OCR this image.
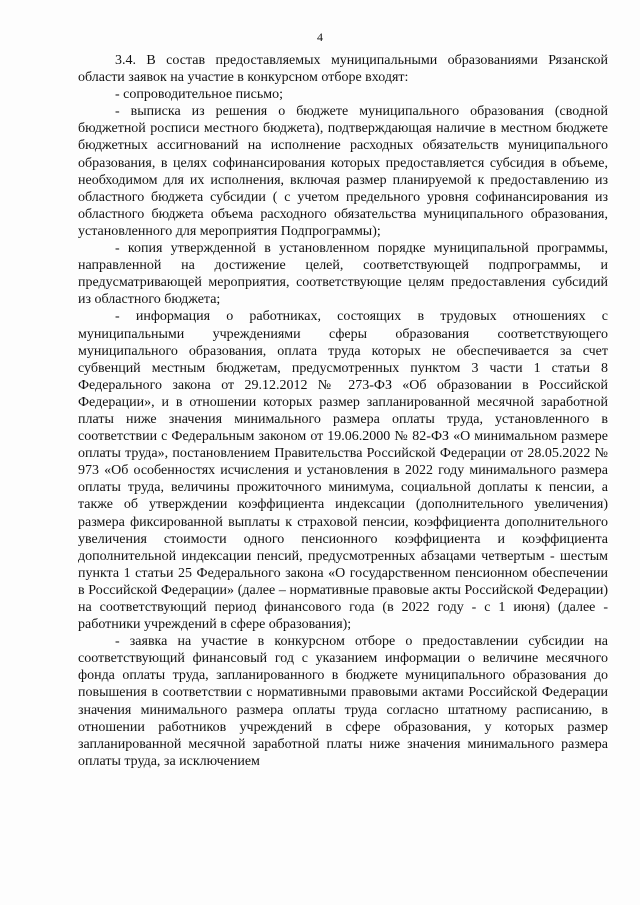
4

3.4. В состав предоставляемых муниципальными образованиями Рязанской области заявок на участие в конкурсном отборе входят:

- сопроводительное письмо;

- выписка из решения о бюджете муниципального образования (сводной бюджетной росписи местного бюджета), подтверждающая наличие в местном бюджете бюджетных ассигнований на исполнение расходных обязательств муниципального образования, в целях софинансирования которых предоставляется субсидия в объеме, необходимом для их исполнения, включая размер планируемой к предоставлению из областного бюджета субсидии ( с учетом предельного уровня софинансирования из областного бюджета объема расходного обязательства муниципального образования, установленного для мероприятия Подпрограммы);

- копия утвержденной в установленном порядке муниципальной программы, направленной на достижение целей, соответствующей подпрограммы, и предусматривающей мероприятия, соответствующие целям предоставления субсидий из областного бюджета;

- информация о работниках, состоящих в трудовых отношениях с муниципальными учреждениями сферы образования соответствующего муниципального образования, оплата труда которых не обеспечивается за счет субвенций местным бюджетам, предусмотренных пунктом 3 части 1 статьи 8 Федерального закона от 29.12.2012 № 273-ФЗ «Об образовании в Российской Федерации», и в отношении которых размер запланированной месячной заработной платы ниже значения минимального размера оплаты труда, установленного в соответствии с Федеральным законом от 19.06.2000 № 82-ФЗ «О минимальном размере оплаты труда», постановлением Правительства Российской Федерации от 28.05.2022 № 973 «Об особенностях исчисления и установления в 2022 году минимального размера оплаты труда, величины прожиточного минимума, социальной доплаты к пенсии, а также об утверждении коэффициента индексации (дополнительного увеличения) размера фиксированной выплаты к страховой пенсии, коэффициента дополнительного увеличения стоимости одного пенсионного коэффициента и коэффициента дополнительной индексации пенсий, предусмотренных абзацами четвертым - шестым пункта 1 статьи 25 Федерального закона «О государственном пенсионном обеспечении в Российской Федерации» (далее – нормативные правовые акты Российской Федерации) на соответствующий период финансового года (в 2022 году - с 1 июня) (далее - работники учреждений в сфере образования);

- заявка на участие в конкурсном отборе о предоставлении субсидии на соответствующий финансовый год с указанием информации о величине месячного фонда оплаты труда, запланированного в бюджете муниципального образования до повышения в соответствии с нормативными правовыми актами Российской Федерации значения минимального размера оплаты труда согласно штатному расписанию, в отношении работников учреждений в сфере образования, у которых размер запланированной месячной заработной платы ниже значения минимального размера оплаты труда, за исключением
